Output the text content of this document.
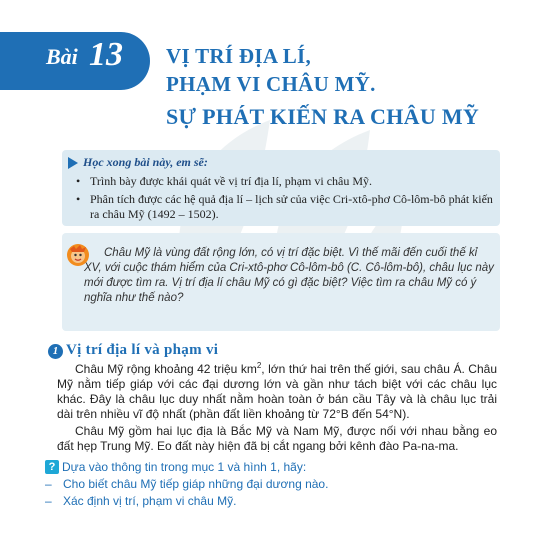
Bài 13 VỊ TRÍ ĐỊA LÍ,
PHẠM VI CHÂU MỸ.
SỰ PHÁT KIẾN RA CHÂU MỸ
Học xong bài này, em sẽ:
• Trình bày được khái quát về vị trí địa lí, phạm vi châu Mỹ.
• Phân tích được các hệ quả địa lí – lịch sử của việc Cri-xtô-phơ Cô-lôm-bô phát kiến ra châu Mỹ (1492 – 1502).
Châu Mỹ là vùng đất rộng lớn, có vị trí đặc biệt. Vì thế mãi đến cuối thế kỉ XV, với cuộc thám hiểm của Cri-xtô-phơ Cô-lôm-bô (C. Cô-lôm-bô), châu lục này mới được tìm ra. Vị trí địa lí châu Mỹ có gì đặc biệt? Việc tìm ra châu Mỹ có ý nghĩa như thế nào?
1 Vị trí địa lí và phạm vi
Châu Mỹ rộng khoảng 42 triệu $km^2$, lớn thứ hai trên thế giới, sau châu Á. Châu Mỹ nằm tiếp giáp với các đại dương lớn và gần như tách biệt với các châu lục khác. Đây là châu lục duy nhất nằm hoàn toàn ở bán cầu Tây và là châu lục trải dài trên nhiều vĩ độ nhất (phần đất liền khoảng từ 72°B đến 54°N).
Châu Mỹ gồm hai lục địa là Bắc Mỹ và Nam Mỹ, được nối với nhau bằng eo đất hẹp Trung Mỹ. Eo đất này hiện đã bị cắt ngang bởi kênh đào Pa-na-ma.
? Dựa vào thông tin trong mục 1 và hình 1, hãy:
– Cho biết châu Mỹ tiếp giáp những đại dương nào.
– Xác định vị trí, phạm vi châu Mỹ.
